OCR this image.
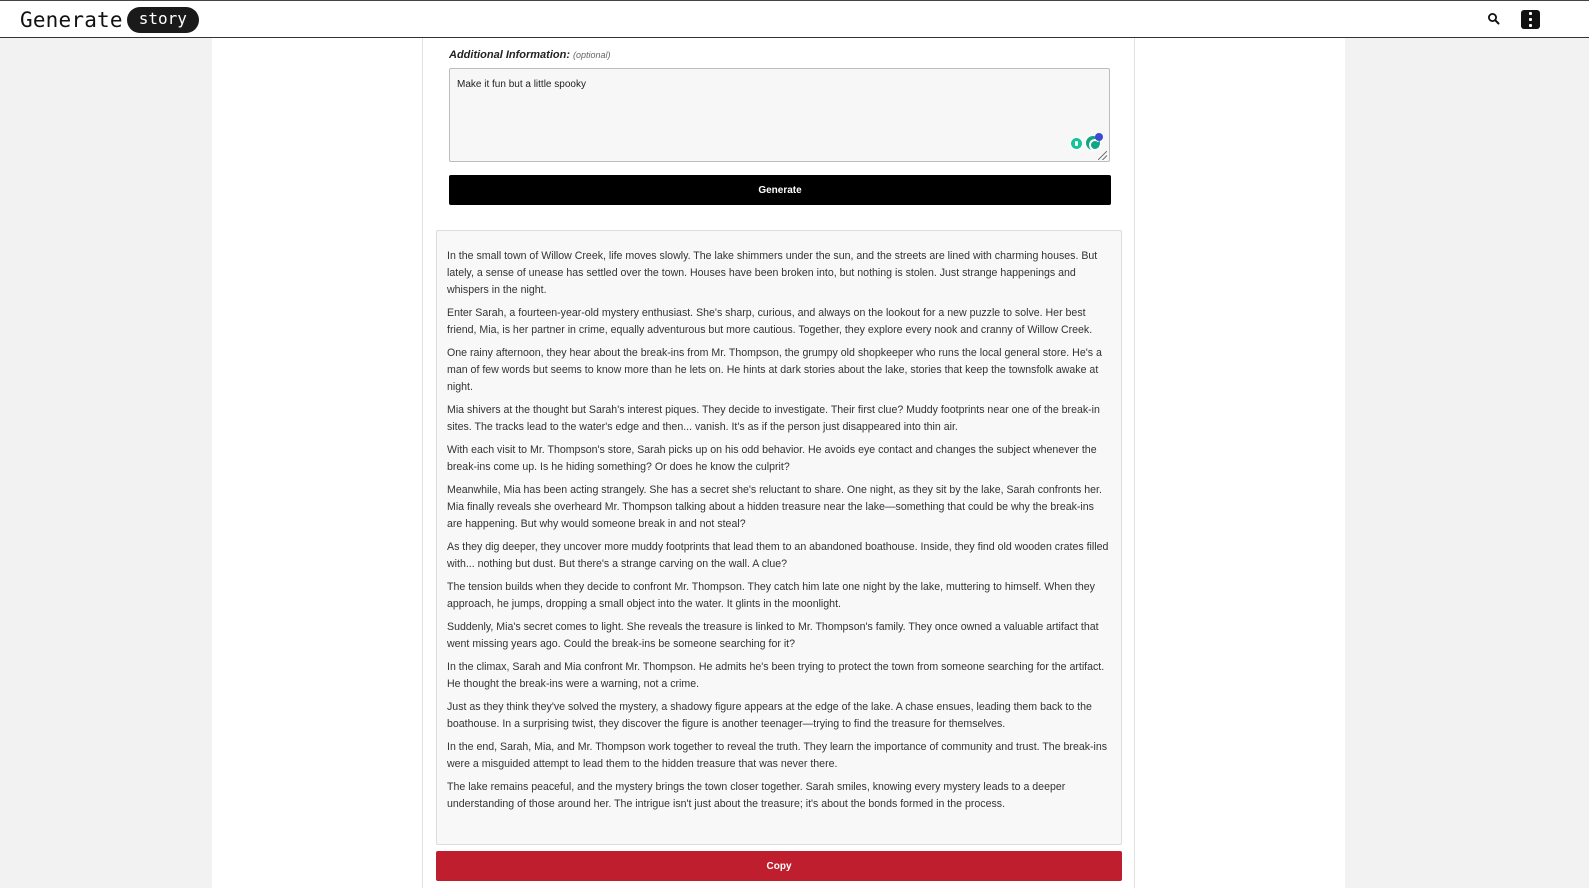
Generate	story
Additional Information: (optional)
Make it fun but a little spooky
Generate

In the small town of Willow Creek, life moves slowly. The lake shimmers under the sun, and the streets are lined with charming houses. But lately, a sense of unease has settled over the town. Houses have been broken into, but nothing is stolen. Just strange happenings and whispers in the night.

Enter Sarah, a fourteen-year-old mystery enthusiast. She's sharp, curious, and always on the lookout for a new puzzle to solve. Her best friend, Mia, is her partner in crime, equally adventurous but more cautious. Together, they explore every nook and cranny of Willow Creek.

One rainy afternoon, they hear about the break-ins from Mr. Thompson, the grumpy old shopkeeper who runs the local general store. He's a man of few words but seems to know more than he lets on. He hints at dark stories about the lake, stories that keep the townsfolk awake at night.

Mia shivers at the thought but Sarah's interest piques. They decide to investigate. Their first clue? Muddy footprints near one of the break-in sites. The tracks lead to the water's edge and then... vanish. It's as if the person just disappeared into thin air.

With each visit to Mr. Thompson's store, Sarah picks up on his odd behavior. He avoids eye contact and changes the subject whenever the break-ins come up. Is he hiding something? Or does he know the culprit?

Meanwhile, Mia has been acting strangely. She has a secret she's reluctant to share. One night, as they sit by the lake, Sarah confronts her. Mia finally reveals she overheard Mr. Thompson talking about a hidden treasure near the lake—something that could be why the break-ins are happening. But why would someone break in and not steal?

As they dig deeper, they uncover more muddy footprints that lead them to an abandoned boathouse. Inside, they find old wooden crates filled with... nothing but dust. But there's a strange carving on the wall. A clue?

The tension builds when they decide to confront Mr. Thompson. They catch him late one night by the lake, muttering to himself. When they approach, he jumps, dropping a small object into the water. It glints in the moonlight.

Suddenly, Mia's secret comes to light. She reveals the treasure is linked to Mr. Thompson's family. They once owned a valuable artifact that went missing years ago. Could the break-ins be someone searching for it?

In the climax, Sarah and Mia confront Mr. Thompson. He admits he's been trying to protect the town from someone searching for the artifact. He thought the break-ins were a warning, not a crime.

Just as they think they've solved the mystery, a shadowy figure appears at the edge of the lake. A chase ensues, leading them back to the boathouse. In a surprising twist, they discover the figure is another teenager—trying to find the treasure for themselves.

In the end, Sarah, Mia, and Mr. Thompson work together to reveal the truth. They learn the importance of community and trust. The break-ins were a misguided attempt to lead them to the hidden treasure that was never there.

The lake remains peaceful, and the mystery brings the town closer together. Sarah smiles, knowing every mystery leads to a deeper understanding of those around her. The intrigue isn't just about the treasure; it's about the bonds formed in the process.

Copy
